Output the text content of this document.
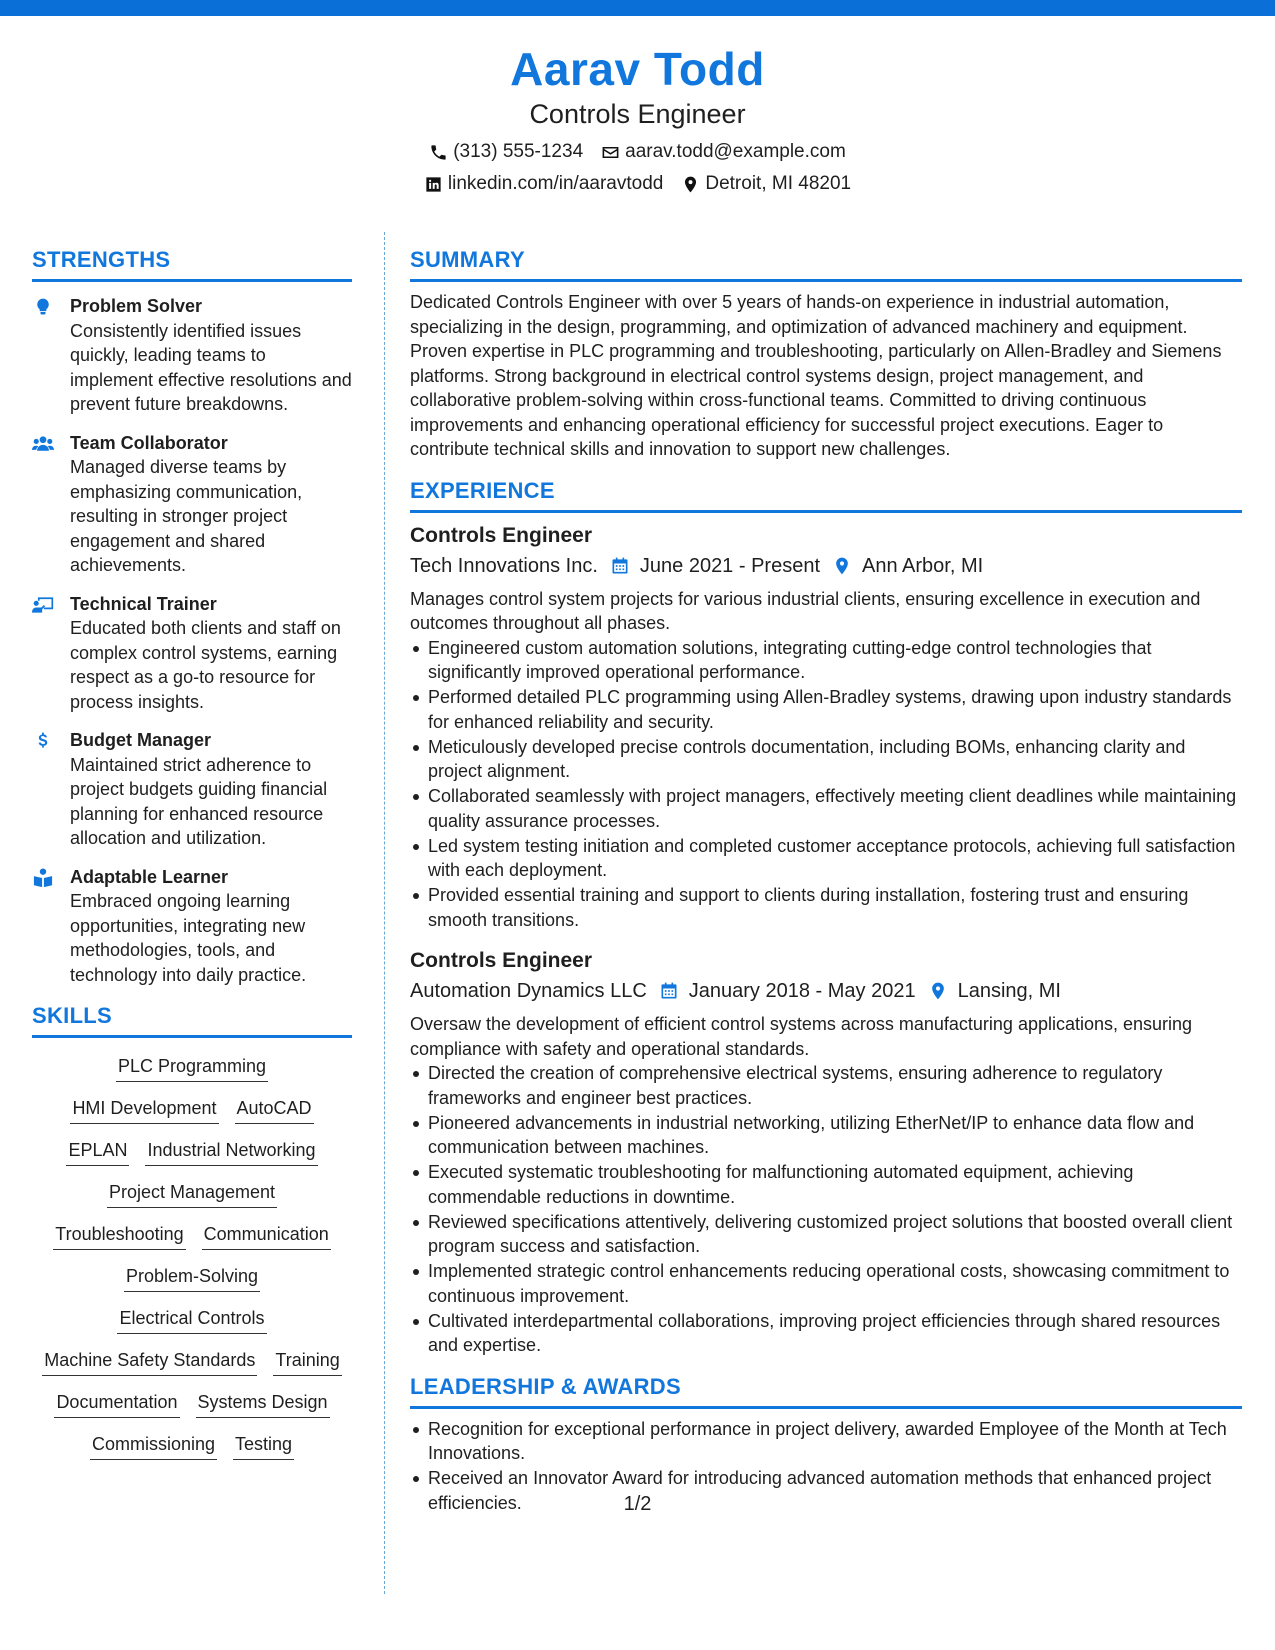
Aarav Todd
Controls Engineer
(313) 555-1234 aarav.todd@example.com
linkedin.com/in/aaravtodd Detroit, MI 48201
STRENGTHS
Problem Solver
Consistently identified issues quickly, leading teams to implement effective resolutions and prevent future breakdowns.
Team Collaborator
Managed diverse teams by emphasizing communication, resulting in stronger project engagement and shared achievements.
Technical Trainer
Educated both clients and staff on complex control systems, earning respect as a go-to resource for process insights.
Budget Manager
Maintained strict adherence to project budgets guiding financial planning for enhanced resource allocation and utilization.
Adaptable Learner
Embraced ongoing learning opportunities, integrating new methodologies, tools, and technology into daily practice.
SKILLS
PLC Programming
HMI Development AutoCAD
EPLAN Industrial Networking
Project Management
Troubleshooting Communication
Problem-Solving
Electrical Controls
Machine Safety Standards Training
Documentation Systems Design
Commissioning Testing
SUMMARY
Dedicated Controls Engineer with over 5 years of hands-on experience in industrial automation, specializing in the design, programming, and optimization of advanced machinery and equipment. Proven expertise in PLC programming and troubleshooting, particularly on Allen-Bradley and Siemens platforms. Strong background in electrical control systems design, project management, and collaborative problem-solving within cross-functional teams. Committed to driving continuous improvements and enhancing operational efficiency for successful project executions. Eager to contribute technical skills and innovation to support new challenges.
EXPERIENCE
Controls Engineer
Tech Innovations Inc. June 2021 - Present Ann Arbor, MI
Manages control system projects for various industrial clients, ensuring excellence in execution and outcomes throughout all phases.
Engineered custom automation solutions, integrating cutting-edge control technologies that significantly improved operational performance.
Performed detailed PLC programming using Allen-Bradley systems, drawing upon industry standards for enhanced reliability and security.
Meticulously developed precise controls documentation, including BOMs, enhancing clarity and project alignment.
Collaborated seamlessly with project managers, effectively meeting client deadlines while maintaining quality assurance processes.
Led system testing initiation and completed customer acceptance protocols, achieving full satisfaction with each deployment.
Provided essential training and support to clients during installation, fostering trust and ensuring smooth transitions.
Controls Engineer
Automation Dynamics LLC January 2018 - May 2021 Lansing, MI
Oversaw the development of efficient control systems across manufacturing applications, ensuring compliance with safety and operational standards.
Directed the creation of comprehensive electrical systems, ensuring adherence to regulatory frameworks and engineer best practices.
Pioneered advancements in industrial networking, utilizing EtherNet/IP to enhance data flow and communication between machines.
Executed systematic troubleshooting for malfunctioning automated equipment, achieving commendable reductions in downtime.
Reviewed specifications attentively, delivering customized project solutions that boosted overall client program success and satisfaction.
Implemented strategic control enhancements reducing operational costs, showcasing commitment to continuous improvement.
Cultivated interdepartmental collaborations, improving project efficiencies through shared resources and expertise.
LEADERSHIP & AWARDS
Recognition for exceptional performance in project delivery, awarded Employee of the Month at Tech Innovations.
Received an Innovator Award for introducing advanced automation methods that enhanced project efficiencies.	1/2
